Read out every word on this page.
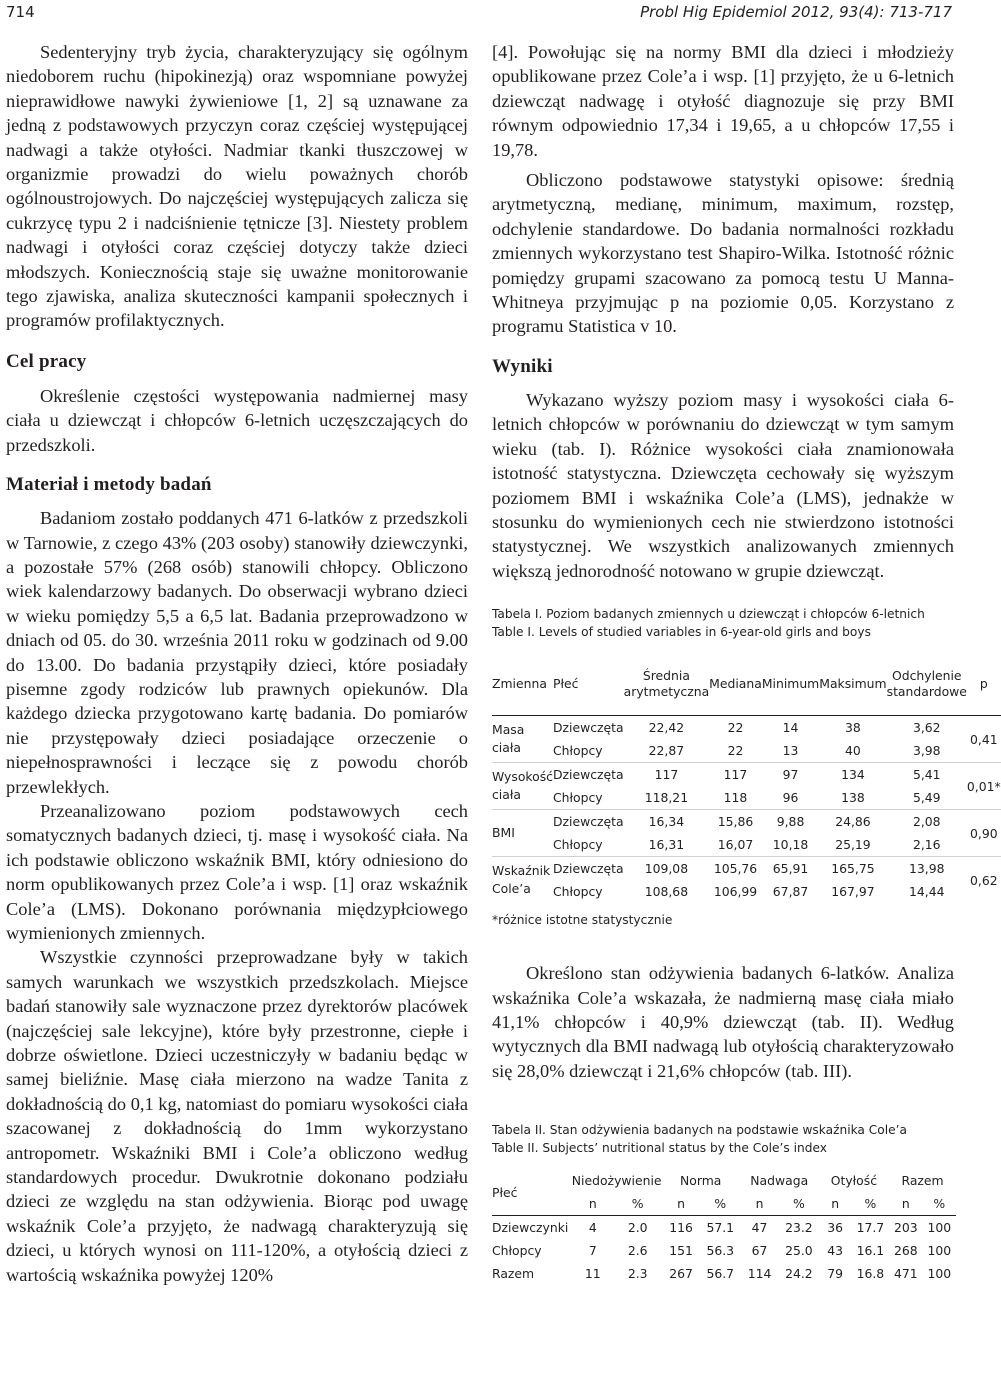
714	Probl Hig Epidemiol 2012, 93(4): 713-717

Sedenteryjny tryb życia, charakteryzujący się ogólnym niedoborem ruchu (hipokinezją) oraz wspomniane powyżej nieprawidłowe nawyki żywieniowe [1, 2] są uznawane za jedną z podstawowych przyczyn coraz częściej występującej nadwagi a także otyłości. Nadmiar tkanki tłuszczowej w organizmie prowadzi do wielu poważnych chorób ogólnoustrojowych. Do najczęściej występujących zalicza się cukrzycę typu 2 i nadciśnienie tętnicze [3]. Niestety problem nadwagi i otyłości coraz częściej dotyczy także dzieci młodszych. Koniecznością staje się uważne monitorowanie tego zjawiska, analiza skuteczności kampanii społecznych i programów profilaktycznych.

Cel pracy

Określenie częstości występowania nadmiernej masy ciała u dziewcząt i chłopców 6-letnich uczęszczających do przedszkoli.

Materiał i metody badań

Badaniom zostało poddanych 471 6-latków z przedszkoli w Tarnowie, z czego 43% (203 osoby) stanowiły dziewczynki, a pozostałe 57% (268 osób) stanowili chłopcy. Obliczono wiek kalendarzowy badanych. Do obserwacji wybrano dzieci w wieku pomiędzy 5,5 a 6,5 lat. Badania przeprowadzono w dniach od 05. do 30. września 2011 roku w godzinach od 9.00 do 13.00. Do badania przystąpiły dzieci, które posiadały pisemne zgody rodziców lub prawnych opiekunów. Dla każdego dziecka przygotowano kartę badania. Do pomiarów nie przystępowały dzieci posiadające orzeczenie o niepełnosprawności i leczące się z powodu chorób przewlekłych.

Przeanalizowano poziom podstawowych cech somatycznych badanych dzieci, tj. masę i wysokość ciała. Na ich podstawie obliczono wskaźnik BMI, który odniesiono do norm opublikowanych przez Cole’a i wsp. [1] oraz wskaźnik Cole’a (LMS). Dokonano porównania międzypłciowego wymienionych zmiennych.

Wszystkie czynności przeprowadzane były w takich samych warunkach we wszystkich przedszkolach. Miejsce badań stanowiły sale wyznaczone przez dyrektorów placówek (najczęściej sale lekcyjne), które były przestronne, ciepłe i dobrze oświetlone. Dzieci uczestniczyły w badaniu będąc w samej bieliźnie. Masę ciała mierzono na wadze Tanita z dokładnością do 0,1 kg, natomiast do pomiaru wysokości ciała szacowanej z dokładnością do 1mm wykorzystano antropometr. Wskaźniki BMI i Cole’a obliczono według standardowych procedur. Dwukrotnie dokonano podziału dzieci ze względu na stan odżywienia. Biorąc pod uwagę wskaźnik Cole’a przyjęto, że nadwagą charakteryzują się dzieci, u których wynosi on 111-120%, a otyłością dzieci z wartością wskaźnika powyżej 120%

[4]. Powołując się na normy BMI dla dzieci i młodzieży opublikowane przez Cole’a i wsp. [1] przyjęto, że u 6-letnich dziewcząt nadwagę i otyłość diagnozuje się przy BMI równym odpowiednio 17,34 i 19,65, a u chłopców 17,55 i 19,78.

Obliczono podstawowe statystyki opisowe: średnią arytmetyczną, medianę, minimum, maximum, rozstęp, odchylenie standardowe. Do badania normalności rozkładu zmiennych wykorzystano test Shapiro-Wilka. Istotność różnic pomiędzy grupami szacowano za pomocą testu U Manna-Whitneya przyjmując p na poziomie 0,05. Korzystano z programu Statistica v 10.

Wyniki

Wykazano wyższy poziom masy i wysokości ciała 6-letnich chłopców w porównaniu do dziewcząt w tym samym wieku (tab. I). Różnice wysokości ciała znamionowała istotność statystyczna. Dziewczęta cechowały się wyższym poziomem BMI i wskaźnika Cole’a (LMS), jednakże w stosunku do wymienionych cech nie stwierdzono istotności statystycznej. We wszystkich analizowanych zmiennych większą jednorodność notowano w grupie dziewcząt.

Tabela I. Poziom badanych zmiennych u dziewcząt i chłopców 6-letnich
Table I. Levels of studied variables in 6-year-old girls and boys
Zmienna	Płeć	Średnia arytmetyczna	Mediana	Minimum	Maksimum	Odchylenie standardowe	p
Masa ciała	Dziewczęta	22,42	22	14	38	3,62	0,41
	Chłopcy	22,87	22	13	40	3,98	
Wysokość ciała	Dziewczęta	117	117	97	134	5,41	0,01*
	Chłopcy	118,21	118	96	138	5,49	
BMI	Dziewczęta	16,34	15,86	9,88	24,86	2,08	0,90
	Chłopcy	16,31	16,07	10,18	25,19	2,16	
Wskaźnik Cole’a	Dziewczęta	109,08	105,76	65,91	165,75	13,98	0,62
	Chłopcy	108,68	106,99	67,87	167,97	14,44	
*różnice istotne statystycznie

Określono stan odżywienia badanych 6-latków. Analiza wskaźnika Cole’a wskazała, że nadmierną masę ciała miało 41,1% chłopców i 40,9% dziewcząt (tab. II). Według wytycznych dla BMI nadwagą lub otyłością charakteryzowało się 28,0% dziewcząt i 21,6% chłopców (tab. III).

Tabela II. Stan odżywienia badanych na podstawie wskaźnika Cole’a
Table II. Subjects’ nutritional status by the Cole’s index
Płeć	Niedożywienie		Norma		Nadwaga		Otyłość		Razem	
	n	%	n	%	n	%	n	%	n	%
Dziewczynki	4	2.0	116	57.1	47	23.2	36	17.7	203	100
Chłopcy	7	2.6	151	56.3	67	25.0	43	16.1	268	100
Razem	11	2.3	267	56.7	114	24.2	79	16.8	471	100
